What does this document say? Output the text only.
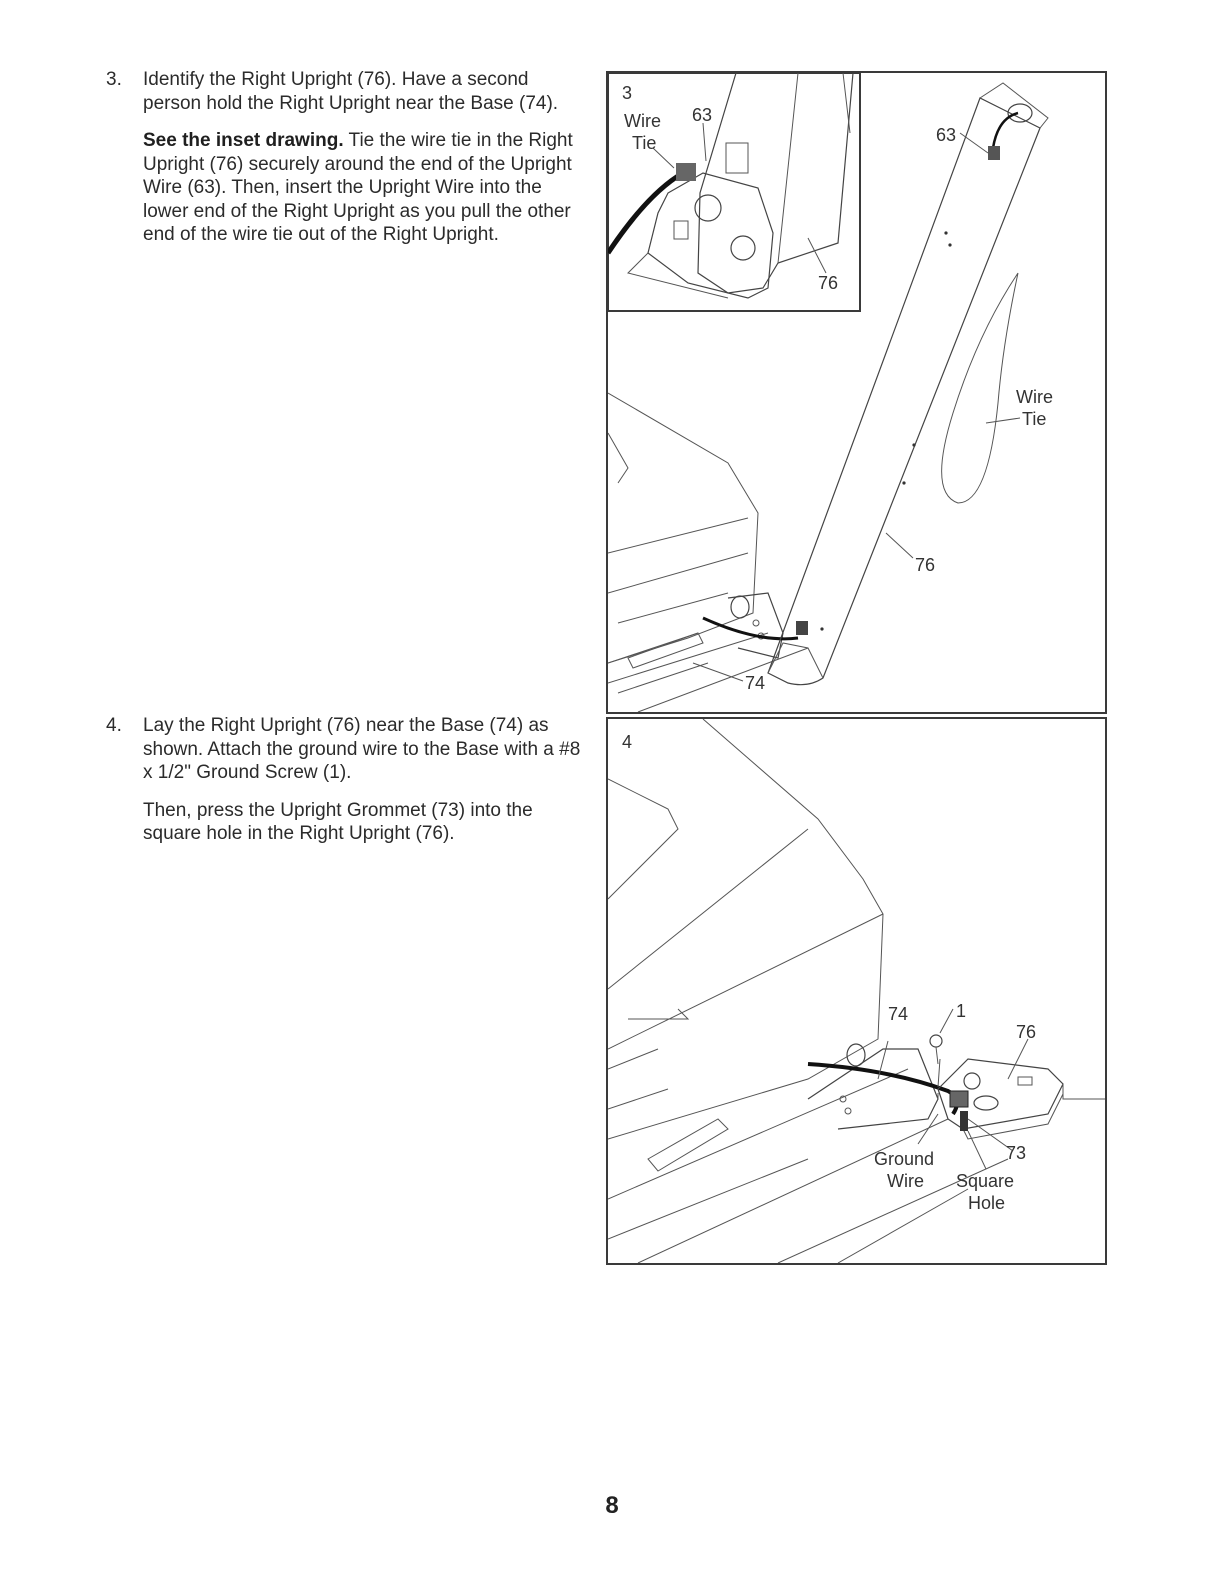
3. Identify the Right Upright (76). Have a second person hold the Right Upright near the Base (74).

See the inset drawing. Tie the wire tie in the Right Upright (76) securely around the end of the Upright Wire (63). Then, insert the Upright Wire into the lower end of the Right Upright as you pull the other end of the wire tie out of the Right Upright.

4. Lay the Right Upright (76) near the Base (74) as shown. Attach the ground wire to the Base with a #8 x 1/2" Ground Screw (1).

Then, press the Upright Grommet (73) into the square hole in the Right Upright (76).

63
Wire
Tie
76
74
3
Wire
Tie
63
76
4
74	1
76
73
Ground
Wire Square
Hole
8
